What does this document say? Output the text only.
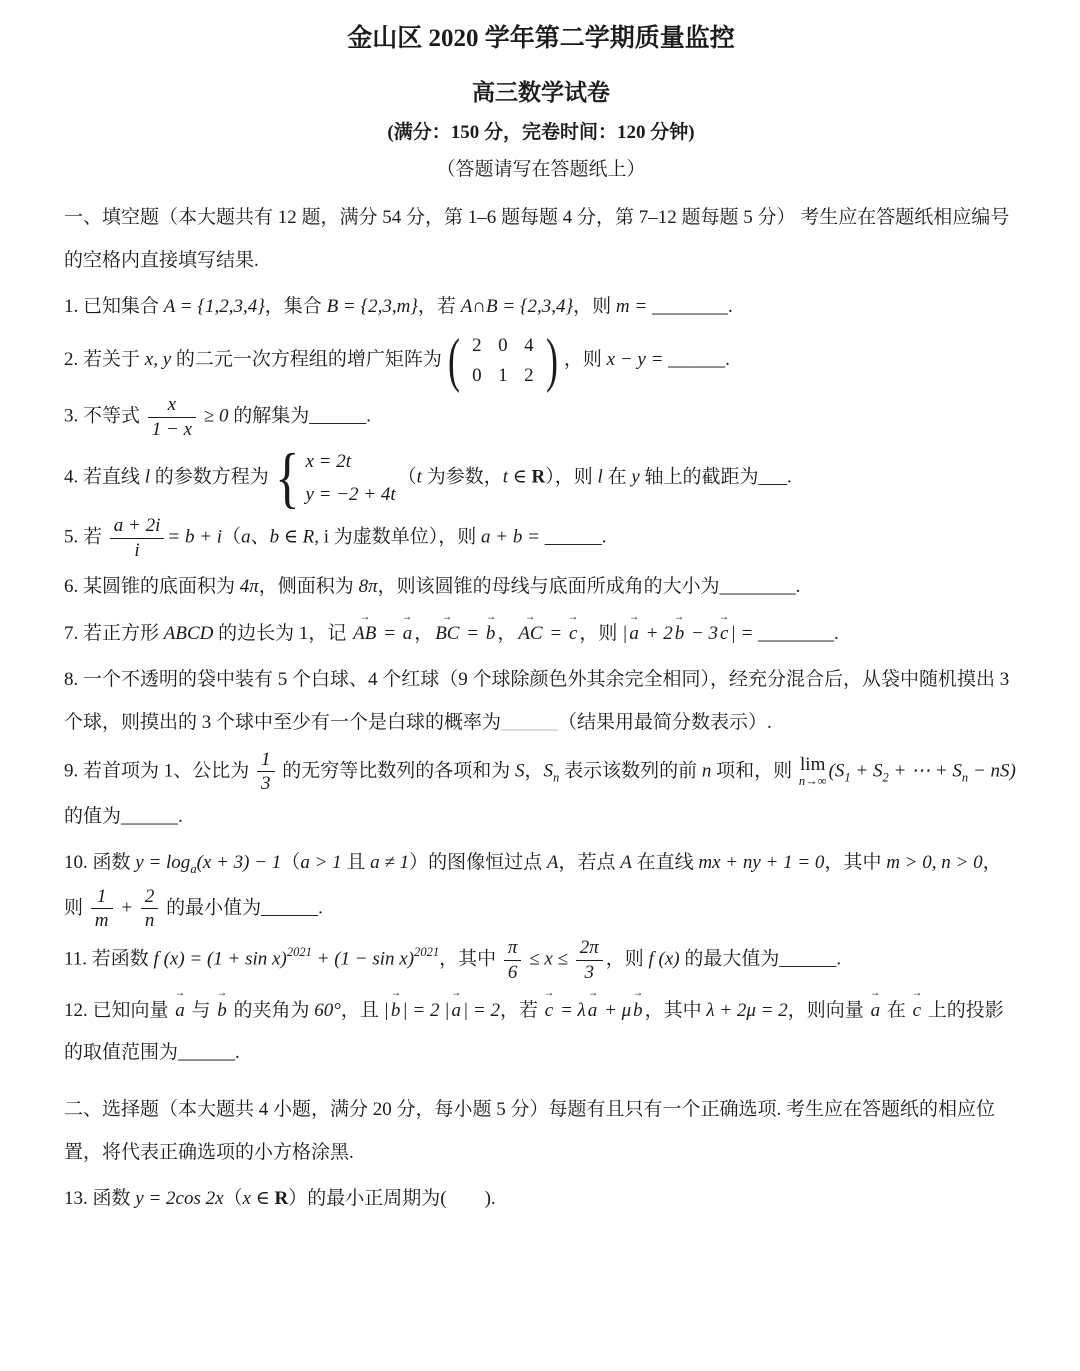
金山区 2020 学年第二学期质量监控
高三数学试卷
(满分：150 分，完卷时间：120 分钟)
（答题请写在答题纸上）

一、填空题（本大题共有 12 题，满分 54 分，第 1–6 题每题 4 分，第 7–12 题每题 5 分） 考生应在答题纸相应编号的空格内直接填写结果.

1. 已知集合 A = {1,2,3,4}，集合 B = {2,3,m}，若 A∩B = {2,3,4}，则 m = ________.

2. 若关于 x, y 的二元一次方程组的增广矩阵为 ( 2 0 4
0 1 2 ) ，则 x − y = ______.

3. 不等式 $\frac{x}{1 - x} \ge 0$ 的解集为______.

4. 若直线 l 的参数方程为 { x = 2t
y = −2 + 4t
（t 为参数，t ∈ R），则 l 在 y 轴上的截距为___.

5. 若 $\frac{a + 2i}{i} = b + i(a$、b ∈ R, i 为虚数单位），则 a + b = ______.

6. 某圆锥的底面积为 4π，侧面积为 8π，则该圆锥的母线与底面所成角的大小为________.

7. 若正方形 ABCD 的边长为 1，记 → AB = → a ， → BC = → b ， → AC = → c ，则 | → a + 2 → b − 3 → c | = ________.

8. 一个不透明的袋中装有 5 个白球、4 个红球（9 个球除颜色外其余完全相同），经充分混合后，从袋中随机摸出 3 个球，则摸出的 3 个球中至少有一个是白球的概率为______（结果用最简分数表示）.

9. 若首项为 1、公比为 $\frac{1}{3}$ 的无穷等比数列的各项和为 S，$S_n$ 表示该数列的前 n 项和，则 lim
n→∞
($S_1 + S_2$ + ⋯ + $S_n - nS$) 的值为______.

10. 函数 $y = \log_a(x + 3) - 1(a > 1$ 且 a ≠ 1）的图像恒过点 A，若点 A 在直线 mx + ny + 1 = 0，其中 m > 0, n > 0，则 $\frac{1}{m} + \frac{2}{n}$ 的最小值为______.

11. 若函数 f $(x) = (1 + \sin x)^{2021} + (1 - \sin x)^{2021}$，其中 $\frac{\pi}{6} \le x \le \frac{2\pi}{3}$ ，则 f (x) 的最大值为______.

12. 已知向量 → a 与 → b 的夹角为 60°，且 | → b | = 2 | → a | = 2，若 → c = λ → a + μ → b ，其中 λ + 2μ = 2，则向量 → a 在 → c 上的投影的取值范围为______.

二、选择题（本大题共 4 小题，满分 20 分，每小题 5 分）每题有且只有一个正确选项. 考生应在答题纸的相应位置，将代表正确选项的小方格涂黑.

13. 函数 y = 2cos 2x（x ∈ R）的最小正周期为(　　).
